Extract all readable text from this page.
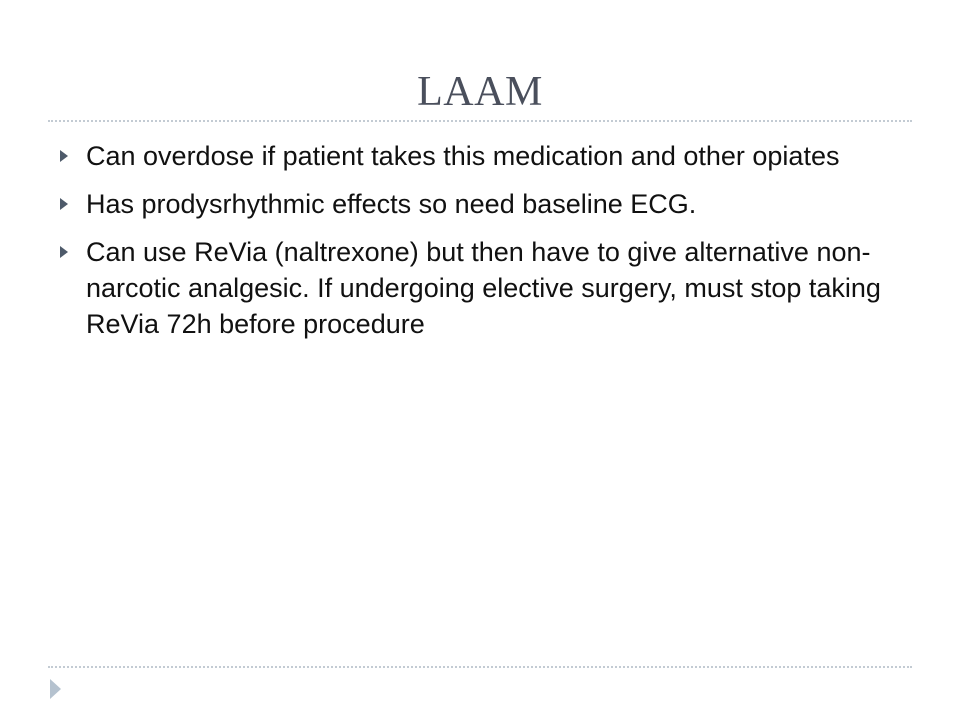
LAAM
Can overdose if patient takes this medication and other opiates
Has prodysrhythmic effects so need baseline ECG.
Can use ReVia (naltrexone) but then have to give alternative non-narcotic analgesic. If undergoing elective surgery, must stop taking ReVia 72h before procedure
